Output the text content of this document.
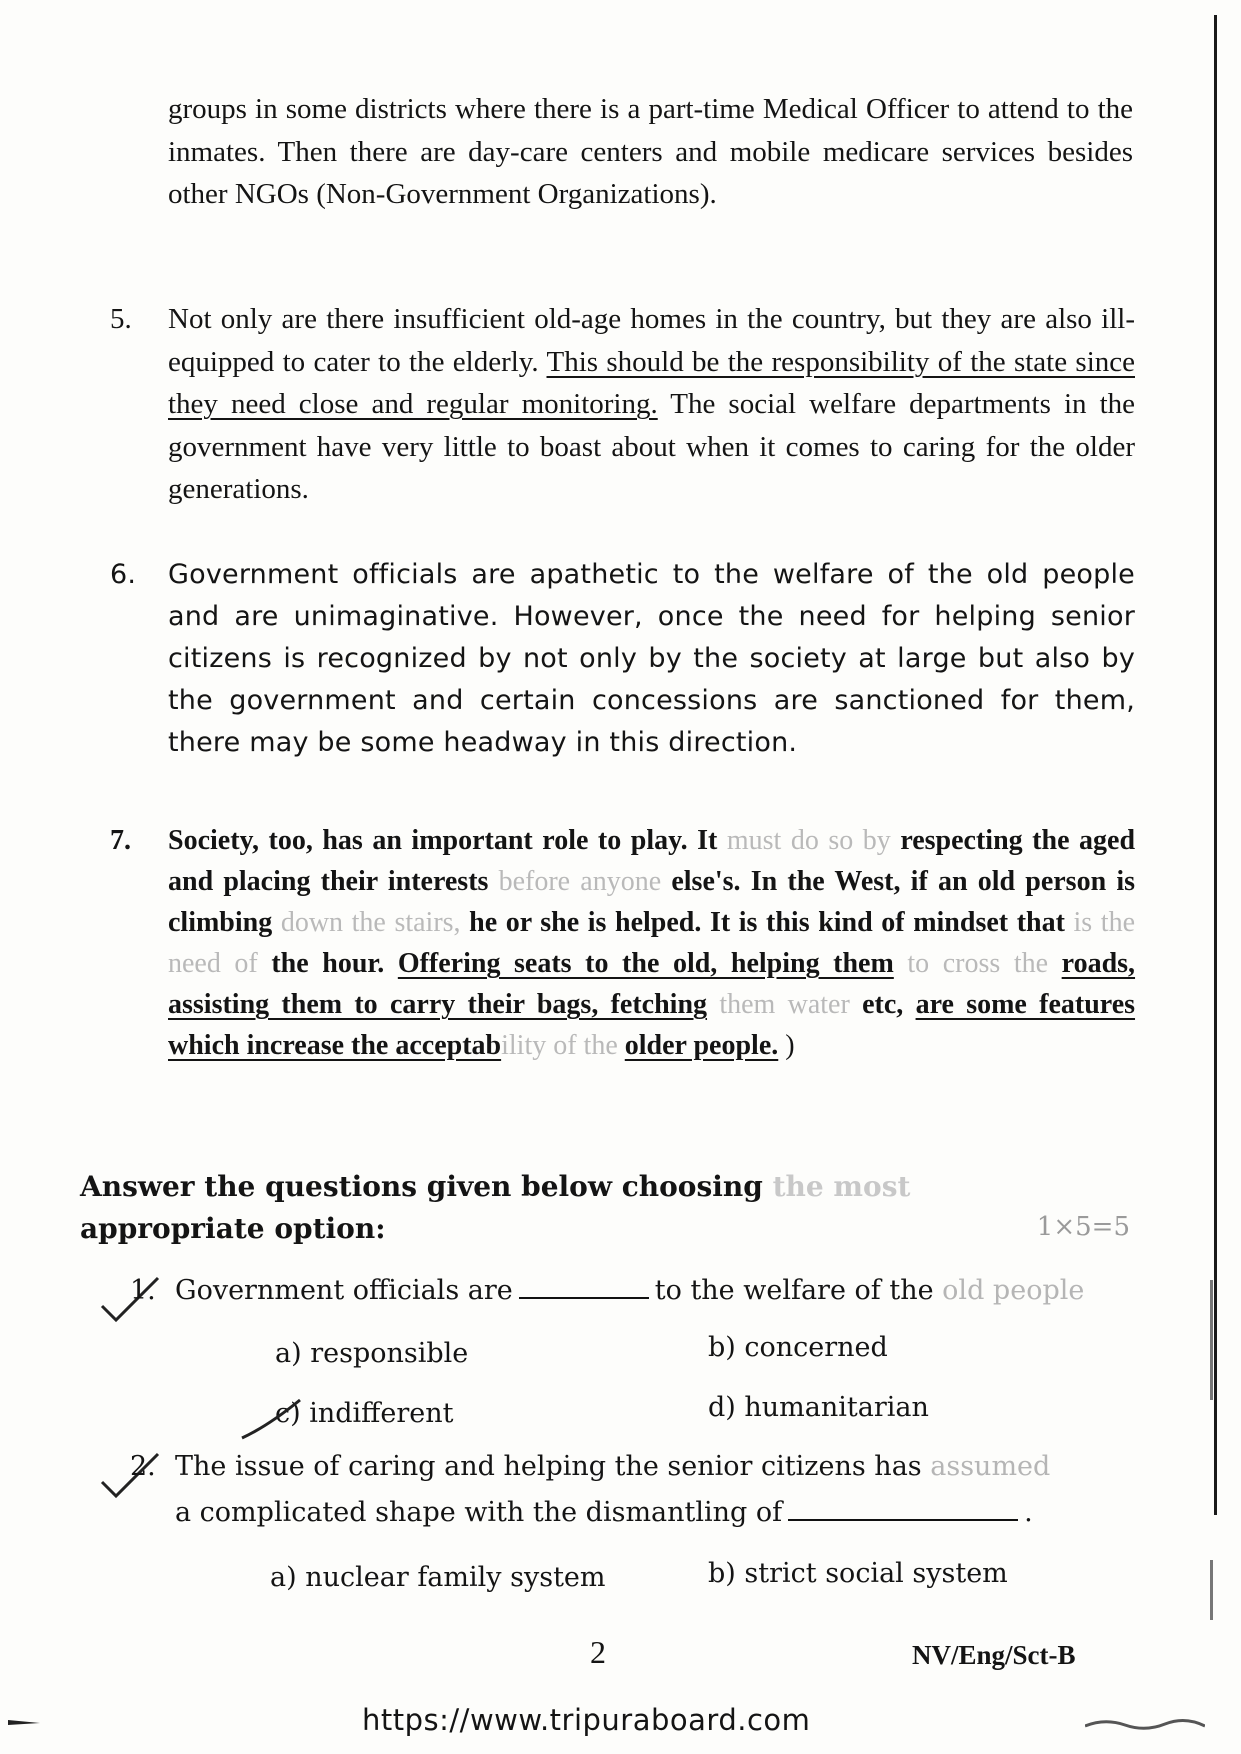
groups in some districts where there is a part-time Medical Officer to attend to the inmates. Then there are day-care centers and mobile medicare services besides other NGOs (Non-Government Organizations).

5. Not only are there insufficient old-age homes in the country, but they are also ill-equipped to cater to the elderly. This should be the responsibility of the state since they need close and regular monitoring. The social welfare departments in the government have very little to boast about when it comes to caring for the older generations.
6. Government officials are apathetic to the welfare of the old people and are unimaginative. However, once the need for helping senior citizens is recognized by not only by the society at large but also by the government and certain concessions are sanctioned for them, there may be some headway in this direction.
7. Society, too, has an important role to play. It must do so by respecting the aged and placing their interests before anyone else's. In the West, if an old person is climbing down the stairs, he or she is helped. It is this kind of mindset that is the need of the hour. Offering seats to the old, helping them to cross the roads, assisting them to carry their bags, fetching them water etc, are some features which increase the acceptability of the older people. )
Answer the questions given below choosing the most
appropriate option:	1×5=5
1. Government officials are	to the welfare of the old people
a) responsible	b) concerned
c) indifferent	d) humanitarian
2. The issue of caring and helping the senior citizens has assumed
a complicated shape with the dismantling of	.
a) nuclear family system	b) strict social system
2	NV/Eng/Sct-B
https://www.tripuraboard.com
